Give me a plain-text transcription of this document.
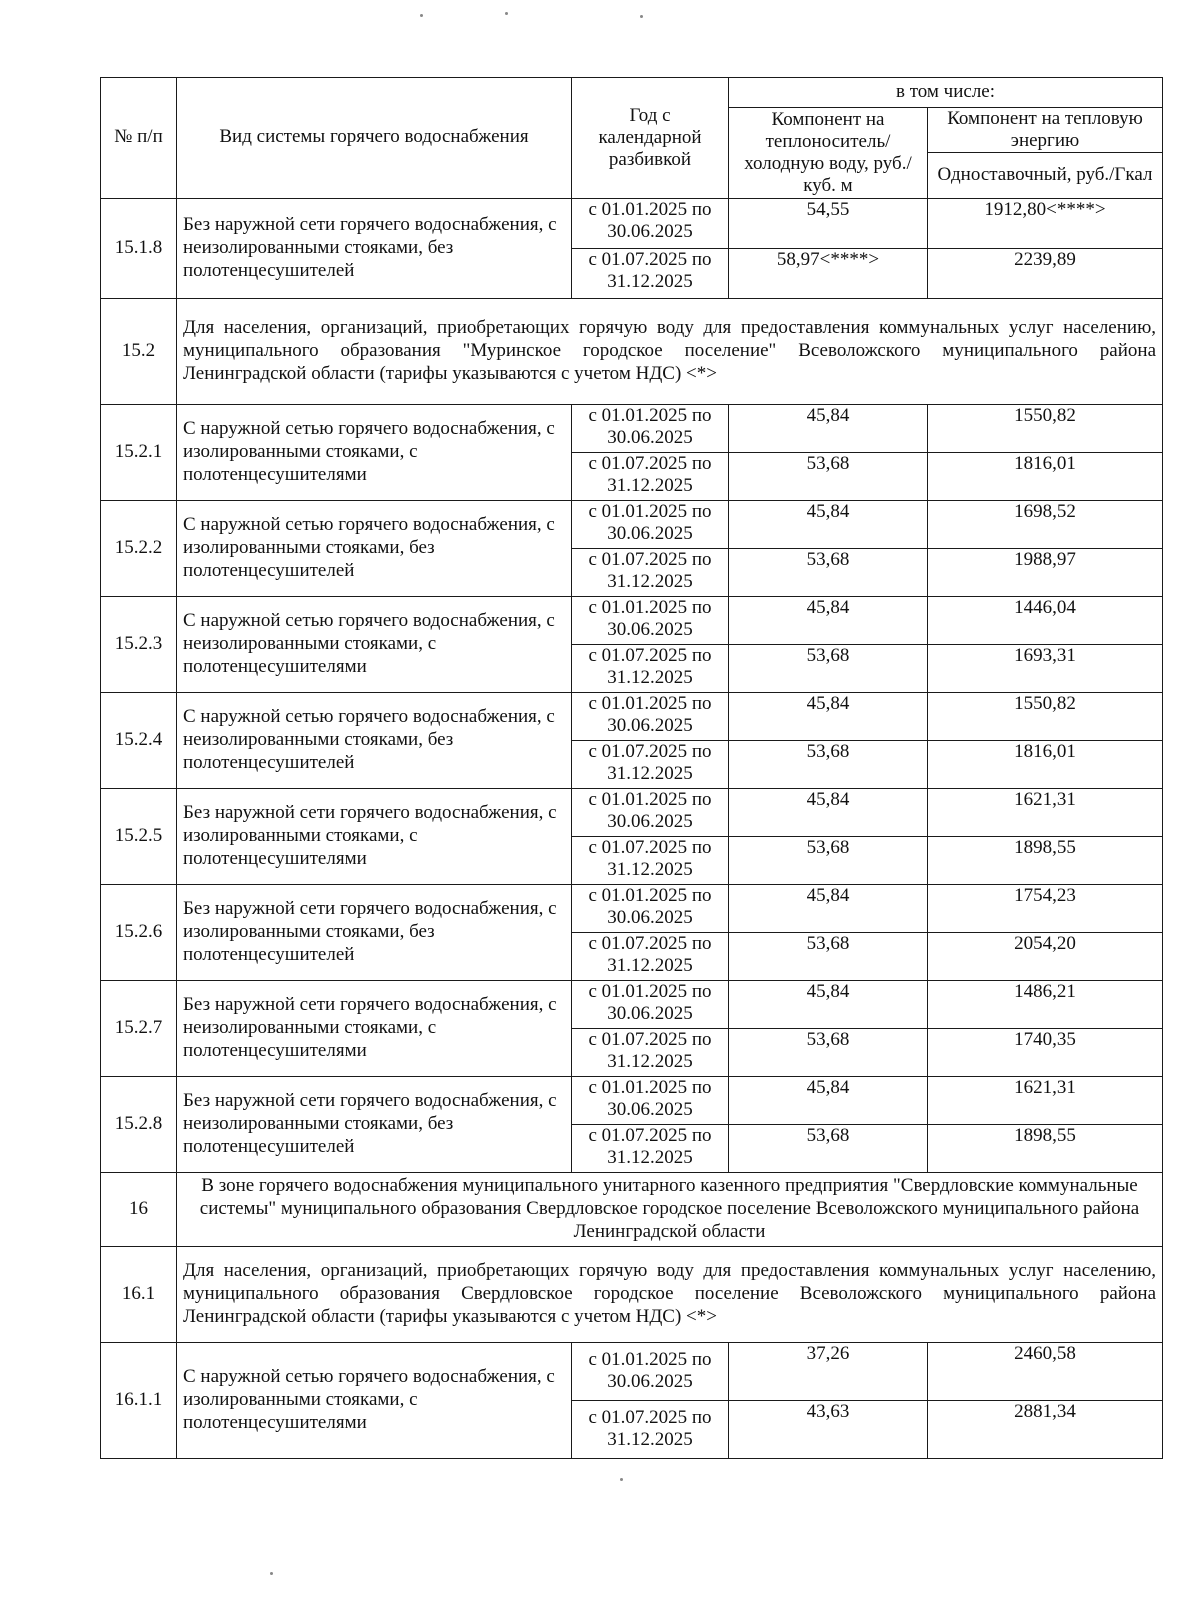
№ п/п	Вид системы горячего водоснабжения	Год с календарной разбивкой	в том числе:	
			Компонент на теплоноситель/ холодную воду, руб./куб. м	Компонент на тепловую энергию
				Одноставочный, руб./Гкал
15.1.8	Без наружной сети горячего водоснабжения, с неизолированными стояками, без полотенцесушителей	с 01.01.2025 по 30.06.2025	54,55	1912,80<****>
		с 01.07.2025 по 31.12.2025	58,97<****>	2239,89
15.2	Для населения, организаций, приобретающих горячую воду для предоставления коммунальных услуг населению, муниципального образования "Муринское городское поселение" Всеволожского муниципального района Ленинградской области (тарифы указываются с учетом НДС) <*>			
15.2.1	С наружной сетью горячего водоснабжения, с изолированными стояками, с полотенцесушителями	с 01.01.2025 по 30.06.2025	45,84	1550,82
		с 01.07.2025 по 31.12.2025	53,68	1816,01
15.2.2	С наружной сетью горячего водоснабжения, с изолированными стояками, без полотенцесушителей	с 01.01.2025 по 30.06.2025	45,84	1698,52
		с 01.07.2025 по 31.12.2025	53,68	1988,97
15.2.3	С наружной сетью горячего водоснабжения, с неизолированными стояками, с полотенцесушителями	с 01.01.2025 по 30.06.2025	45,84	1446,04
		с 01.07.2025 по 31.12.2025	53,68	1693,31
15.2.4	С наружной сетью горячего водоснабжения, с неизолированными стояками, без полотенцесушителей	с 01.01.2025 по 30.06.2025	45,84	1550,82
		с 01.07.2025 по 31.12.2025	53,68	1816,01
15.2.5	Без наружной сети горячего водоснабжения, с изолированными стояками, с полотенцесушителями	с 01.01.2025 по 30.06.2025	45,84	1621,31
		с 01.07.2025 по 31.12.2025	53,68	1898,55
15.2.6	Без наружной сети горячего водоснабжения, с изолированными стояками, без полотенцесушителей	с 01.01.2025 по 30.06.2025	45,84	1754,23
		с 01.07.2025 по 31.12.2025	53,68	2054,20
15.2.7	Без наружной сети горячего водоснабжения, с неизолированными стояками, с полотенцесушителями	с 01.01.2025 по 30.06.2025	45,84	1486,21
		с 01.07.2025 по 31.12.2025	53,68	1740,35
15.2.8	Без наружной сети горячего водоснабжения, с неизолированными стояками, без полотенцесушителей	с 01.01.2025 по 30.06.2025	45,84	1621,31
		с 01.07.2025 по 31.12.2025	53,68	1898,55
16	В зоне горячего водоснабжения муниципального унитарного казенного предприятия "Свердловские коммунальные системы" муниципального образования Свердловское городское поселение Всеволожского муниципального района Ленинградской области			
16.1	Для населения, организаций, приобретающих горячую воду для предоставления коммунальных услуг населению, муниципального образования Свердловское городское поселение Всеволожского муниципального района Ленинградской области (тарифы указываются с учетом НДС) <*>			
16.1.1	С наружной сетью горячего водоснабжения, с изолированными стояками, с полотенцесушителями	с 01.01.2025 по 30.06.2025	37,26	2460,58
		с 01.07.2025 по 31.12.2025	43,63	2881,34
